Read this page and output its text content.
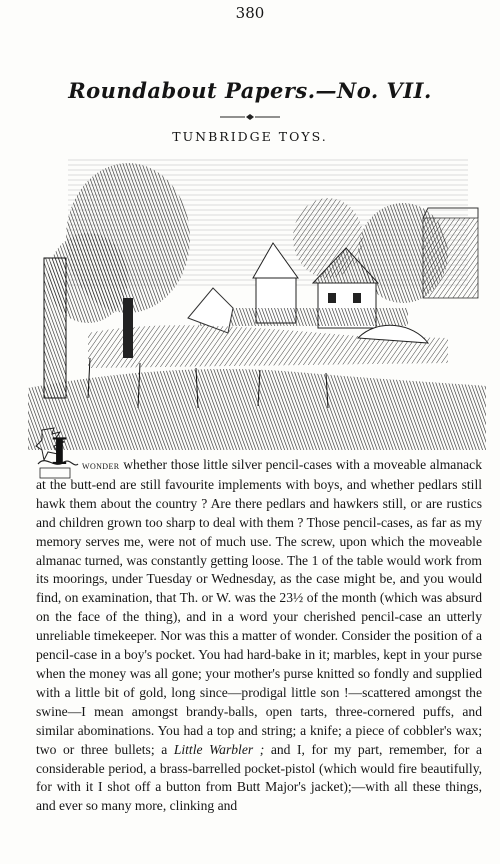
380
Roundabout Papers.—No. VII.
TUNBRIDGE TOYS.
I	wonder whether those little silver pencil-cases with a moveable almanack at the butt-end are still favourite implements with boys, and whether pedlars still hawk them about the country ? Are there pedlars and hawkers still, or are rustics and children grown too sharp to deal with them ? Those pencil-cases, as far as my memory serves me, were not of much use. The screw, upon which the moveable almanac turned, was constantly getting loose. The 1 of the table would work from its moorings, under Tuesday or Wednesday, as the case might be, and you would find, on examination, that Th. or W. was the 23½ of the month (which was absurd on the face of the thing), and in a word your cherished pencil-case an utterly unreliable timekeeper. Nor was this a matter of wonder. Consider the position of a pencil-case in a boy's pocket. You had hard-bake in it; marbles, kept in your purse when the money was all gone; your mother's purse knitted so fondly and supplied with a little bit of gold, long since—prodigal little son !—scattered amongst the swine—I mean amongst brandy-balls, open tarts, three-cornered puffs, and similar abominations. You had a top and string; a knife; a piece of cobbler's wax; two or three bullets; a Little Warbler ; and I, for my part, remember, for a considerable period, a brass-barrelled pocket-pistol (which would fire beautifully, for with it I shot off a button from Butt Major's jacket);—with all these things, and ever so many more, clinking and
